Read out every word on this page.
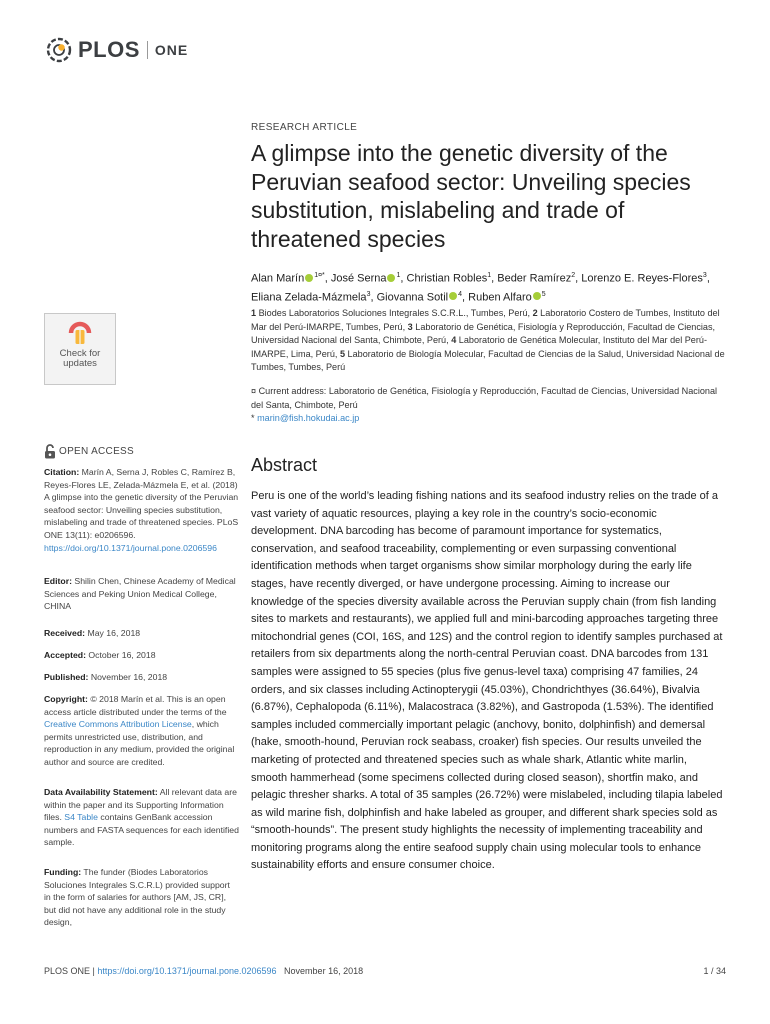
PLOS ONE
RESEARCH ARTICLE
A glimpse into the genetic diversity of the Peruvian seafood sector: Unveiling species substitution, mislabeling and trade of threatened species
Alan Marín $^{1¤*}$, José Serna $^1$, Christian Robles$^1$, Beder Ramírez$^2$, Lorenzo E. Reyes-Flores$^3$, Eliana Zelada-Mázmela$^3$, Giovanna Sotil $^4$, Ruben Alfaro $^5$
1 Biodes Laboratorios Soluciones Integrales S.C.R.L., Tumbes, Perú, 2 Laboratorio Costero de Tumbes, Instituto del Mar del Perú-IMARPE, Tumbes, Perú, 3 Laboratorio de Genética, Fisiología y Reproducción, Facultad de Ciencias, Universidad Nacional del Santa, Chimbote, Perú, 4 Laboratorio de Genética Molecular, Instituto del Mar del Perú-IMARPE, Lima, Perú, 5 Laboratorio de Biología Molecular, Facultad de Ciencias de la Salud, Universidad Nacional de Tumbes, Tumbes, Perú
¤ Current address: Laboratorio de Genética, Fisiología y Reproducción, Facultad de Ciencias, Universidad Nacional del Santa, Chimbote, Perú
* marin@fish.hokudai.ac.jp
Check for
updates
OPEN ACCESS
Citation: Marín A, Serna J, Robles C, Ramírez B, Reyes-Flores LE, Zelada-Mázmela E, et al. (2018) A glimpse into the genetic diversity of the Peruvian seafood sector: Unveiling species substitution, mislabeling and trade of threatened species. PLoS ONE 13(11): e0206596. https://doi.org/10.1371/journal.pone.0206596
Editor: Shilin Chen, Chinese Academy of Medical Sciences and Peking Union Medical College, CHINA
Received: May 16, 2018
Accepted: October 16, 2018
Published: November 16, 2018
Copyright: © 2018 Marín et al. This is an open access article distributed under the terms of the Creative Commons Attribution License, which permits unrestricted use, distribution, and reproduction in any medium, provided the original author and source are credited.
Data Availability Statement: All relevant data are within the paper and its Supporting Information files. S4 Table contains GenBank accession numbers and FASTA sequences for each identified sample.
Funding: The funder (Biodes Laboratorios Soluciones Integrales S.C.R.L) provided support in the form of salaries for authors [AM, JS, CR], but did not have any additional role in the study design,
Abstract

Peru is one of the world’s leading fishing nations and its seafood industry relies on the trade of a vast variety of aquatic resources, playing a key role in the country’s socio-economic development. DNA barcoding has become of paramount importance for systematics, conservation, and seafood traceability, complementing or even surpassing conventional identification methods when target organisms show similar morphology during the early life stages, have recently diverged, or have undergone processing. Aiming to increase our knowledge of the species diversity available across the Peruvian supply chain (from fish landing sites to markets and restaurants), we applied full and mini-barcoding approaches targeting three mitochondrial genes (COI, 16S, and 12S) and the control region to identify samples purchased at retailers from six departments along the north-central Peruvian coast. DNA barcodes from 131 samples were assigned to 55 species (plus five genus-level taxa) comprising 47 families, 24 orders, and six classes including Actinopterygii (45.03%), Chondrichthyes (36.64%), Bivalvia (6.87%), Cephalopoda (6.11%), Malacostraca (3.82%), and Gastropoda (1.53%). The identified samples included commercially important pelagic (anchovy, bonito, dolphinfish) and demersal (hake, smooth-hound, Peruvian rock seabass, croaker) fish species. Our results unveiled the marketing of protected and threatened species such as whale shark, Atlantic white marlin, smooth hammerhead (some specimens collected during closed season), shortfin mako, and pelagic thresher sharks. A total of 35 samples (26.72%) were mislabeled, including tilapia labeled as wild marine fish, dolphinfish and hake labeled as grouper, and different shark species sold as “smooth-hounds”. The present study highlights the necessity of implementing traceability and monitoring programs along the entire seafood supply chain using molecular tools to enhance sustainability efforts and ensure consumer choice.

PLOS ONE | https://doi.org/10.1371/journal.pone.0206596 November 16, 2018	1 / 34
